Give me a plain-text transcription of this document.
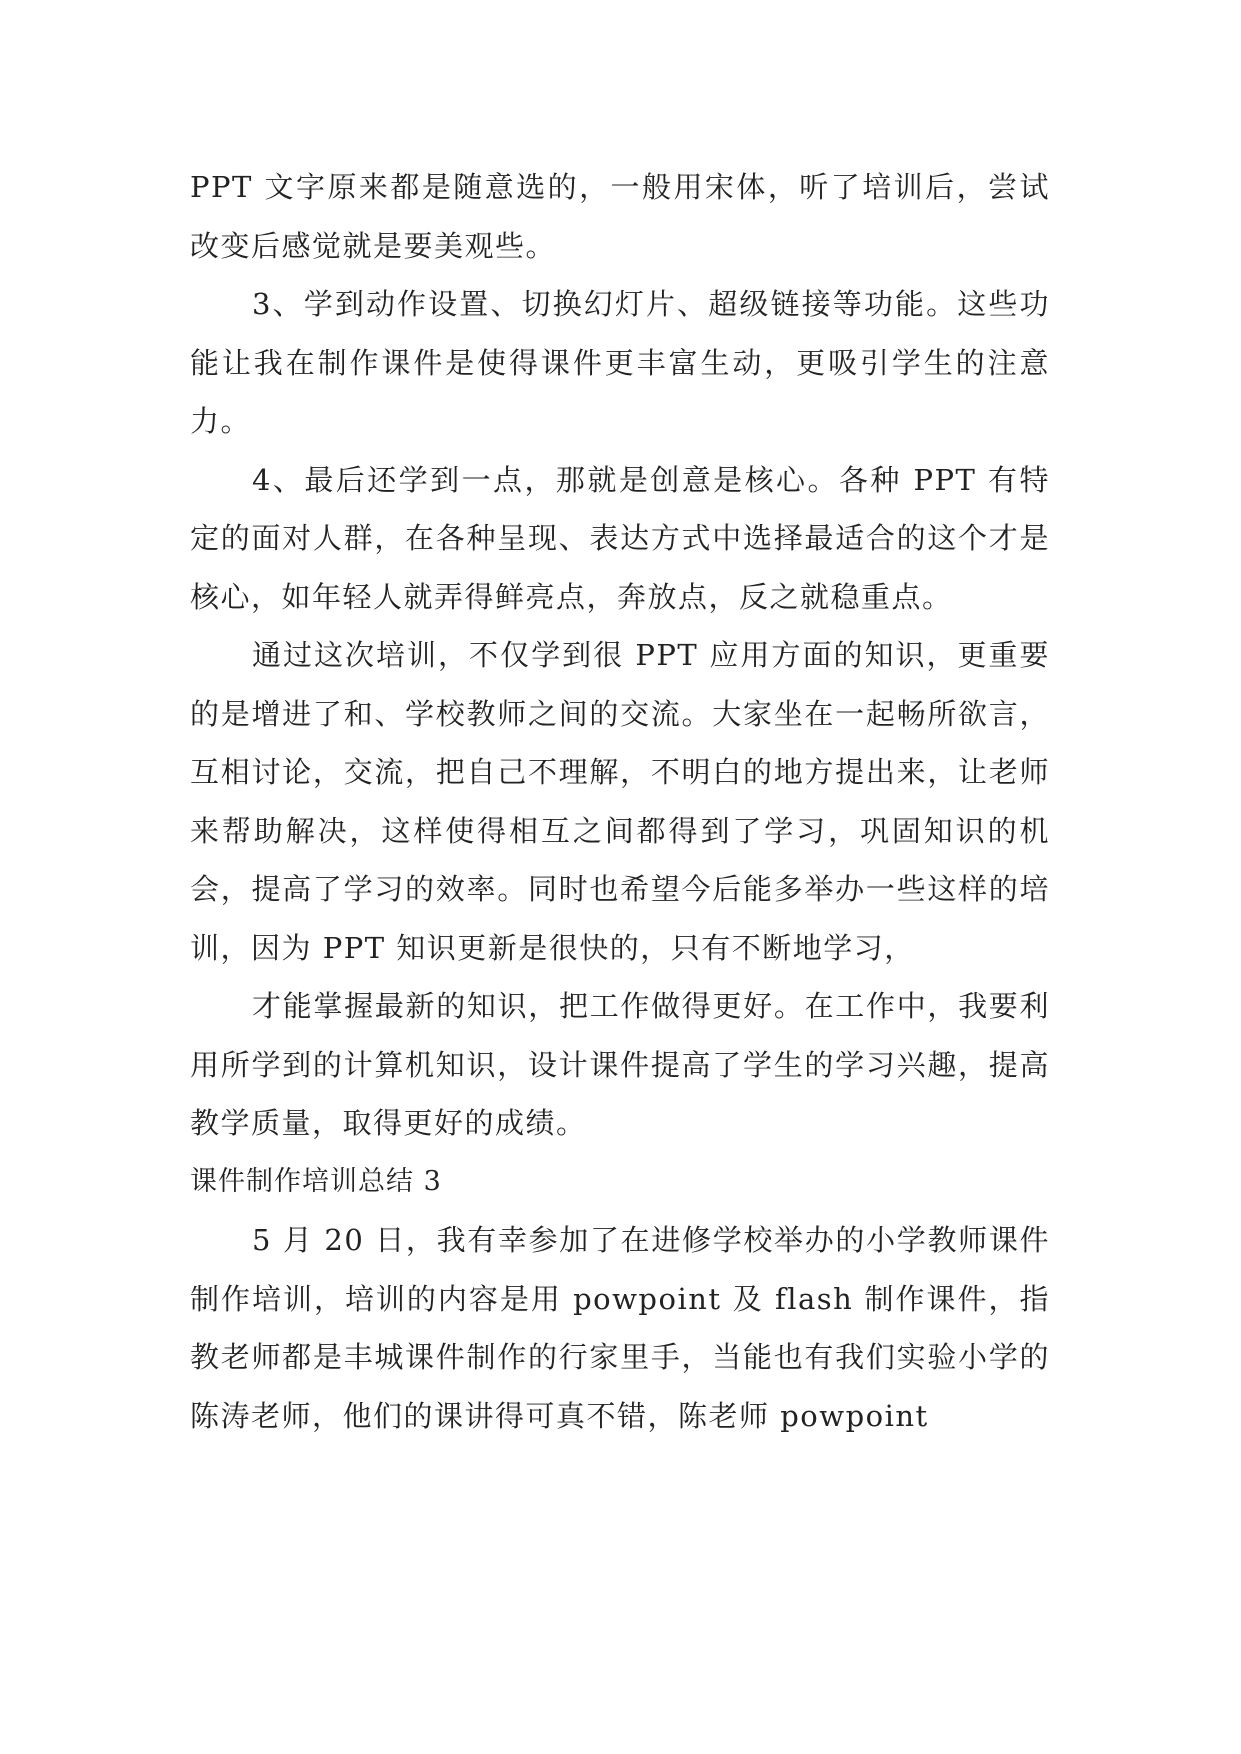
PPT 文字原来都是随意选的，一般用宋体，听了培训后，尝试改变后感觉就是要美观些。

3、学到动作设置、切换幻灯片、超级链接等功能。这些功能让我在制作课件是使得课件更丰富生动，更吸引学生的注意力。

4、最后还学到一点，那就是创意是核心。各种 PPT 有特定的面对人群，在各种呈现、表达方式中选择最适合的这个才是核心，如年轻人就弄得鲜亮点，奔放点，反之就稳重点。

通过这次培训，不仅学到很 PPT 应用方面的知识，更重要的是增进了和、学校教师之间的交流。大家坐在一起畅所欲言，互相讨论，交流，把自己不理解，不明白的地方提出来，让老师来帮助解决，这样使得相互之间都得到了学习，巩固知识的机会，提高了学习的效率。同时也希望今后能多举办一些这样的培训，因为 PPT 知识更新是很快的，只有不断地学习，

才能掌握最新的知识，把工作做得更好。在工作中，我要利用所学到的计算机知识，设计课件提高了学生的学习兴趣，提高教学质量，取得更好的成绩。

课件制作培训总结 3

5 月 20 日，我有幸参加了在进修学校举办的小学教师课件制作培训，培训的内容是用 powpoint 及 flash 制作课件，指教老师都是丰城课件制作的行家里手，当能也有我们实验小学的陈涛老师，他们的课讲得可真不错，陈老师 powpoint
